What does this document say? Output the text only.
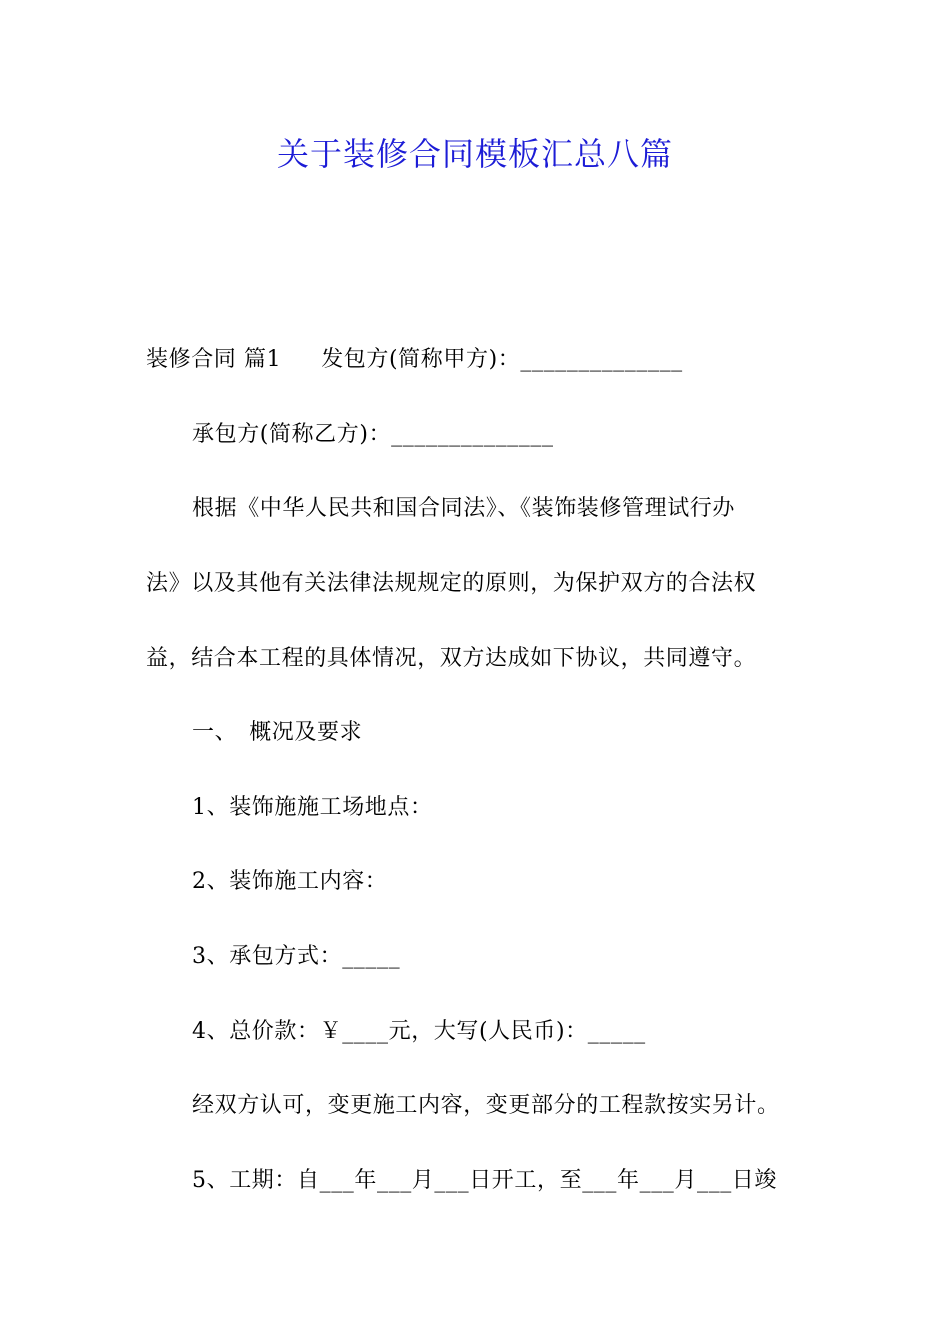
关于装修合同模板汇总八篇
装修合同 篇1 发包方(简称甲方)：______________
承包方(简称乙方)：______________
根据《中华人民共和国合同法》、《装饰装修管理试行办
法》以及其他有关法律法规规定的原则，为保护双方的合法权
益，结合本工程的具体情况，双方达成如下协议，共同遵守。
一、 概况及要求
1、装饰施施工场地点：
2、装饰施工内容：
3、承包方式：_____
4、总价款：￥____元，大写(人民币)：_____
经双方认可，变更施工内容，变更部分的工程款按实另计。
5、工期：自___年___月___日开工，至___年___月___日竣
